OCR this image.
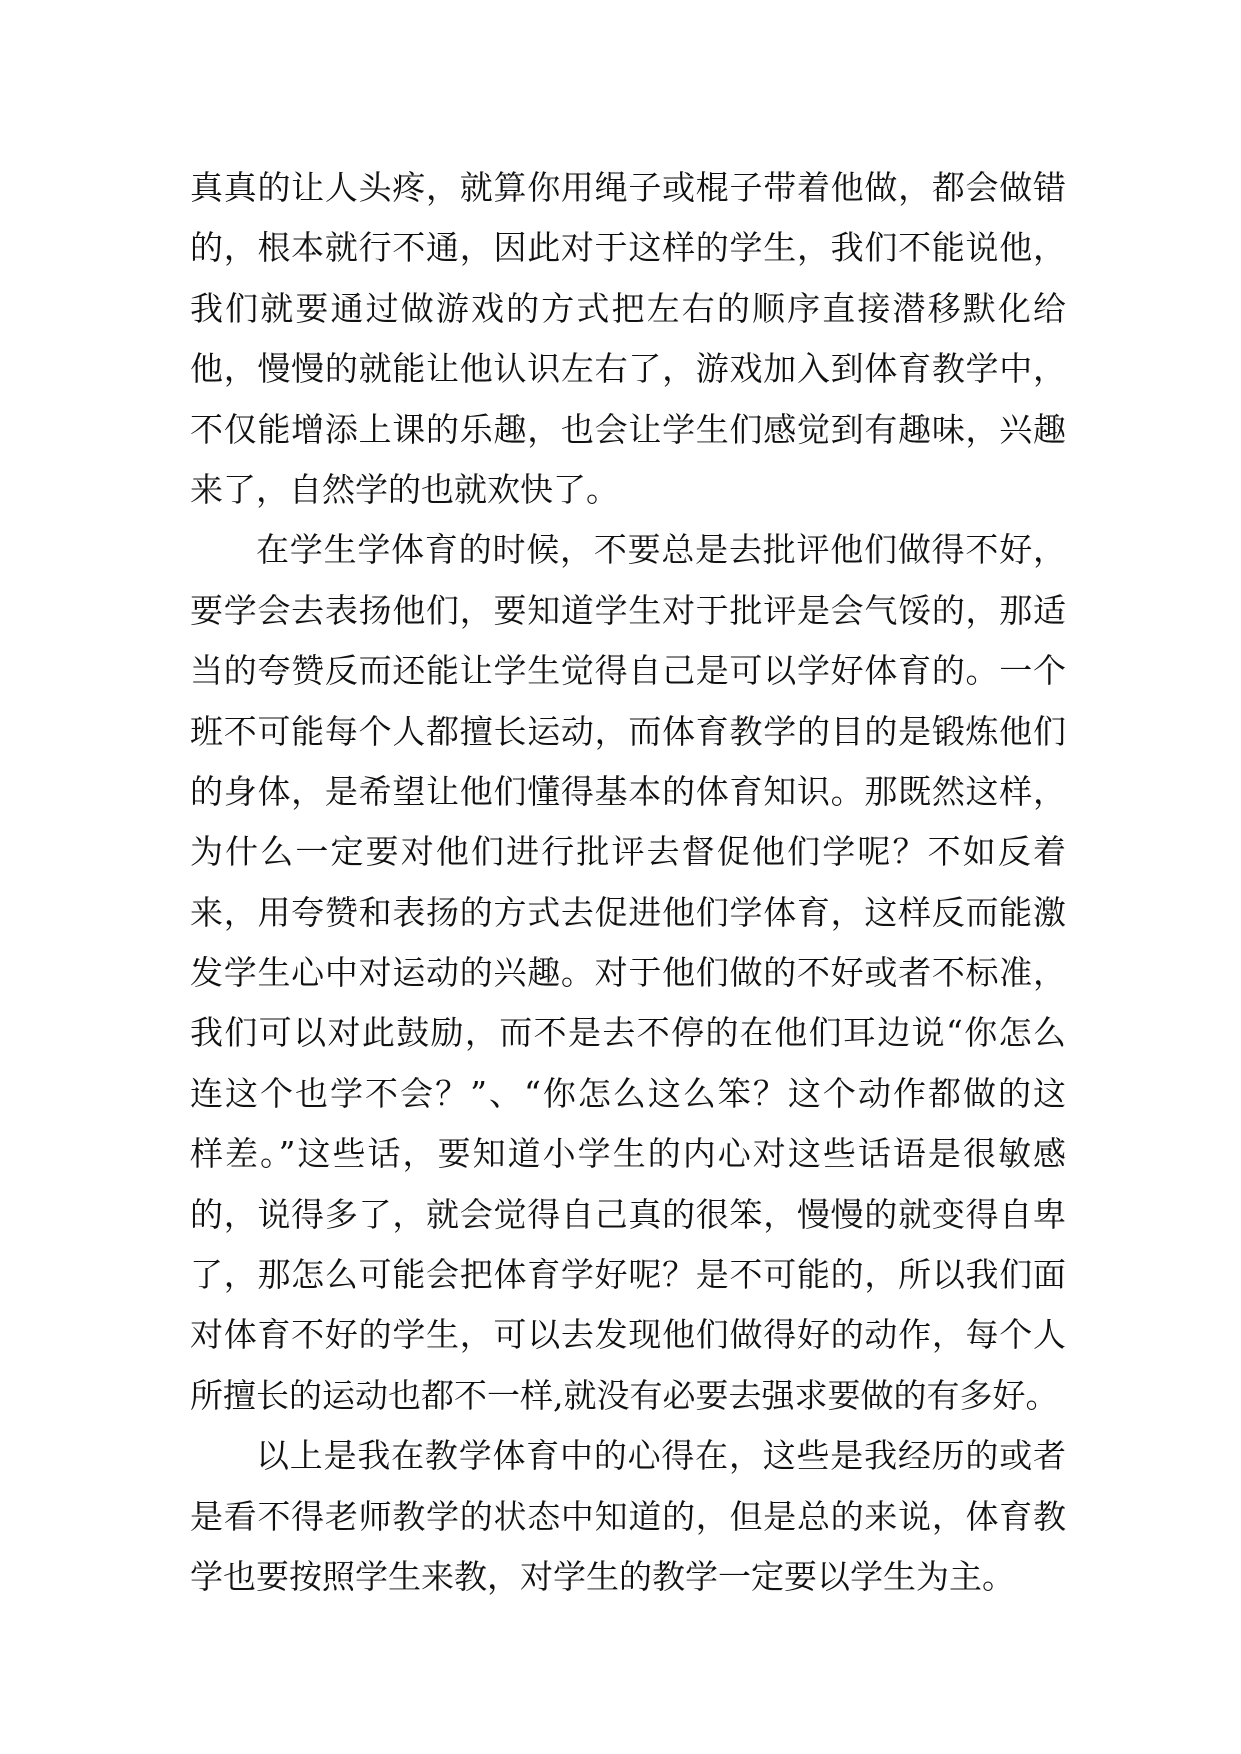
真真的让人头疼，就算你用绳子或棍子带着他做，都会做错
的，根本就行不通，因此对于这样的学生，我们不能说他，
我们就要通过做游戏的方式把左右的顺序直接潜移默化给
他，慢慢的就能让他认识左右了，游戏加入到体育教学中，
不仅能增添上课的乐趣，也会让学生们感觉到有趣味，兴趣
来了，自然学的也就欢快了。
在学生学体育的时候，不要总是去批评他们做得不好，
要学会去表扬他们，要知道学生对于批评是会气馁的，那适
当的夸赞反而还能让学生觉得自己是可以学好体育的。一个
班不可能每个人都擅长运动，而体育教学的目的是锻炼他们
的身体，是希望让他们懂得基本的体育知识。那既然这样，
为什么一定要对他们进行批评去督促他们学呢？不如反着
来，用夸赞和表扬的方式去促进他们学体育，这样反而能激
发学生心中对运动的兴趣。对于他们做的不好或者不标准，
我们可以对此鼓励，而不是去不停的在他们耳边说“你怎么
连这个也学不会？”、“你怎么这么笨？这个动作都做的这
样差。”这些话，要知道小学生的内心对这些话语是很敏感
的，说得多了，就会觉得自己真的很笨，慢慢的就变得自卑
了，那怎么可能会把体育学好呢？是不可能的，所以我们面
对体育不好的学生，可以去发现他们做得好的动作，每个人
所擅长的运动也都不一样,就没有必要去强求要做的有多好。
以上是我在教学体育中的心得在，这些是我经历的或者
是看不得老师教学的状态中知道的，但是总的来说，体育教
学也要按照学生来教，对学生的教学一定要以学生为主。
